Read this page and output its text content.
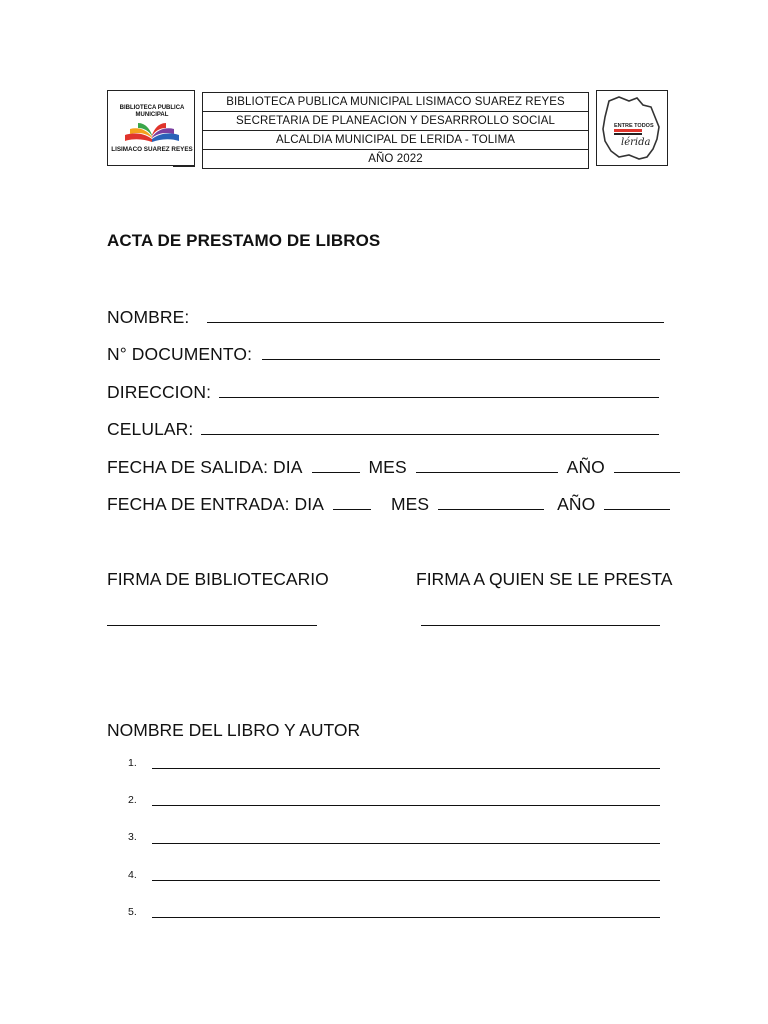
BIBLIOTECA PUBLICA
MUNICIPAL
LISIMACO SUAREZ REYES
BIBLIOTECA PUBLICA MUNICIPAL LISIMACO SUAREZ REYES
SECRETARIA DE PLANEACION Y DESARRROLLO SOCIAL
ALCALDIA MUNICIPAL DE LERIDA - TOLIMA
AÑO 2022
ENTRE TODOS
lérida
ACTA DE PRESTAMO DE LIBROS
NOMBRE:
N° DOCUMENTO:
DIRECCION:
CELULAR:
FECHA DE SALIDA: DIA	MES	AÑO
FECHA DE ENTRADA: DIA	MES	AÑO
FIRMA DE BIBLIOTECARIO	FIRMA A QUIEN SE LE PRESTA
NOMBRE DEL LIBRO Y AUTOR
1.
2.
3.
4.
5.
